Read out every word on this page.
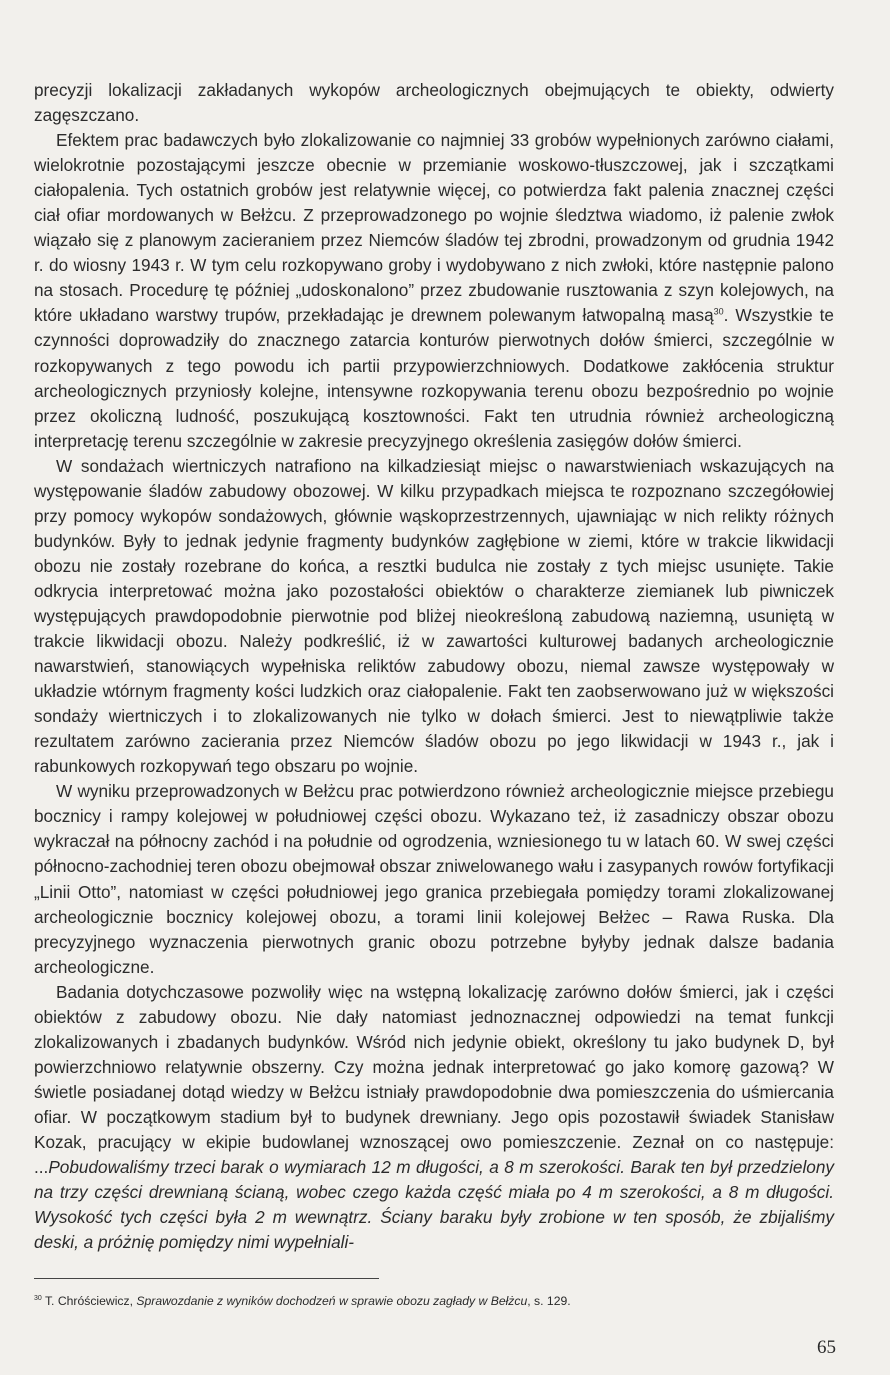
precyzji lokalizacji zakładanych wykopów archeologicznych obejmujących te obiekty, odwierty zagęszczano.

Efektem prac badawczych było zlokalizowanie co najmniej 33 grobów wypełnionych zarówno ciałami, wielokrotnie pozostającymi jeszcze obecnie w przemianie woskowo-tłuszczowej, jak i szczątkami ciałopalenia. Tych ostatnich grobów jest relatywnie więcej, co potwierdza fakt palenia znacznej części ciał ofiar mordowanych w Bełżcu. Z przeprowadzonego po wojnie śledztwa wiadomo, iż palenie zwłok wiązało się z planowym zacieraniem przez Niemców śladów tej zbrodni, prowadzonym od grudnia 1942 r. do wiosny 1943 r. W tym celu rozkopywano groby i wydobywano z nich zwłoki, które następnie palono na stosach. Procedurę tę później „udoskonalono” przez zbudowanie rusztowania z szyn kolejowych, na które układano warstwy trupów, przekładając je drewnem polewanym łatwopalną masą$^{30}$. Wszystkie te czynności doprowadziły do znacznego zatarcia konturów pierwotnych dołów śmierci, szczególnie w rozkopywanych z tego powodu ich partii przypowierzchniowych. Dodatkowe zakłócenia struktur archeologicznych przyniosły kolejne, intensywne rozkopywania terenu obozu bezpośrednio po wojnie przez okoliczną ludność, poszukującą kosztowności. Fakt ten utrudnia również archeologiczną interpretację terenu szczególnie w zakresie precyzyjnego określenia zasięgów dołów śmierci.

W sondażach wiertniczych natrafiono na kilkadziesiąt miejsc o nawarstwieniach wskazujących na występowanie śladów zabudowy obozowej. W kilku przypadkach miejsca te rozpoznano szczegółowiej przy pomocy wykopów sondażowych, głównie wąskoprzestrzennych, ujawniając w nich relikty różnych budynków. Były to jednak jedynie fragmenty budynków zagłębione w ziemi, które w trakcie likwidacji obozu nie zostały rozebrane do końca, a resztki budulca nie zostały z tych miejsc usunięte. Takie odkrycia interpretować można jako pozostałości obiektów o charakterze ziemianek lub piwniczek występujących prawdopodobnie pierwotnie pod bliżej nieokreśloną zabudową naziemną, usuniętą w trakcie likwidacji obozu. Należy podkreślić, iż w zawartości kulturowej badanych archeologicznie nawarstwień, stanowiących wypełniska reliktów zabudowy obozu, niemal zawsze występowały w układzie wtórnym fragmenty kości ludzkich oraz ciałopalenie. Fakt ten zaobserwowano już w większości sondaży wiertniczych i to zlokalizowanych nie tylko w dołach śmierci. Jest to niewątpliwie także rezultatem zarówno zacierania przez Niemców śladów obozu po jego likwidacji w 1943 r., jak i rabunkowych rozkopywań tego obszaru po wojnie.

W wyniku przeprowadzonych w Bełżcu prac potwierdzono również archeologicznie miejsce przebiegu bocznicy i rampy kolejowej w południowej części obozu. Wykazano też, iż zasadniczy obszar obozu wykraczał na północny zachód i na południe od ogrodzenia, wzniesionego tu w latach 60. W swej części północno-zachodniej teren obozu obejmował obszar zniwelowanego wału i zasypanych rowów fortyfikacji „Linii Otto”, natomiast w części południowej jego granica przebiegała pomiędzy torami zlokalizowanej archeologicznie bocznicy kolejowej obozu, a torami linii kolejowej Bełżec – Rawa Ruska. Dla precyzyjnego wyznaczenia pierwotnych granic obozu potrzebne byłyby jednak dalsze badania archeologiczne.

Badania dotychczasowe pozwoliły więc na wstępną lokalizację zarówno dołów śmierci, jak i części obiektów z zabudowy obozu. Nie dały natomiast jednoznacznej odpowiedzi na temat funkcji zlokalizowanych i zbadanych budynków. Wśród nich jedynie obiekt, określony tu jako budynek D, był powierzchniowo relatywnie obszerny. Czy można jednak interpretować go jako komorę gazową? W świetle posiadanej dotąd wiedzy w Bełżcu istniały prawdopodobnie dwa pomieszczenia do uśmiercania ofiar. W początkowym stadium był to budynek drewniany. Jego opis pozostawił świadek Stanisław Kozak, pracujący w ekipie budowlanej wznoszącej owo pomieszczenie. Zeznał on co następuje: ...Pobudowaliśmy trzeci barak o wymiarach 12 m długości, a 8 m szerokości. Barak ten był przedzielony na trzy części drewnianą ścianą, wobec czego każda część miała po 4 m szerokości, a 8 m długości. Wysokość tych części była 2 m wewnątrz. Ściany baraku były zrobione w ten sposób, że zbijaliśmy deski, a próżnię pomiędzy nimi wypełniali-

$^{30}$ T. Chróściewicz, Sprawozdanie z wyników dochodzeń w sprawie obozu zagłady w Bełżcu, s. 129.
65
